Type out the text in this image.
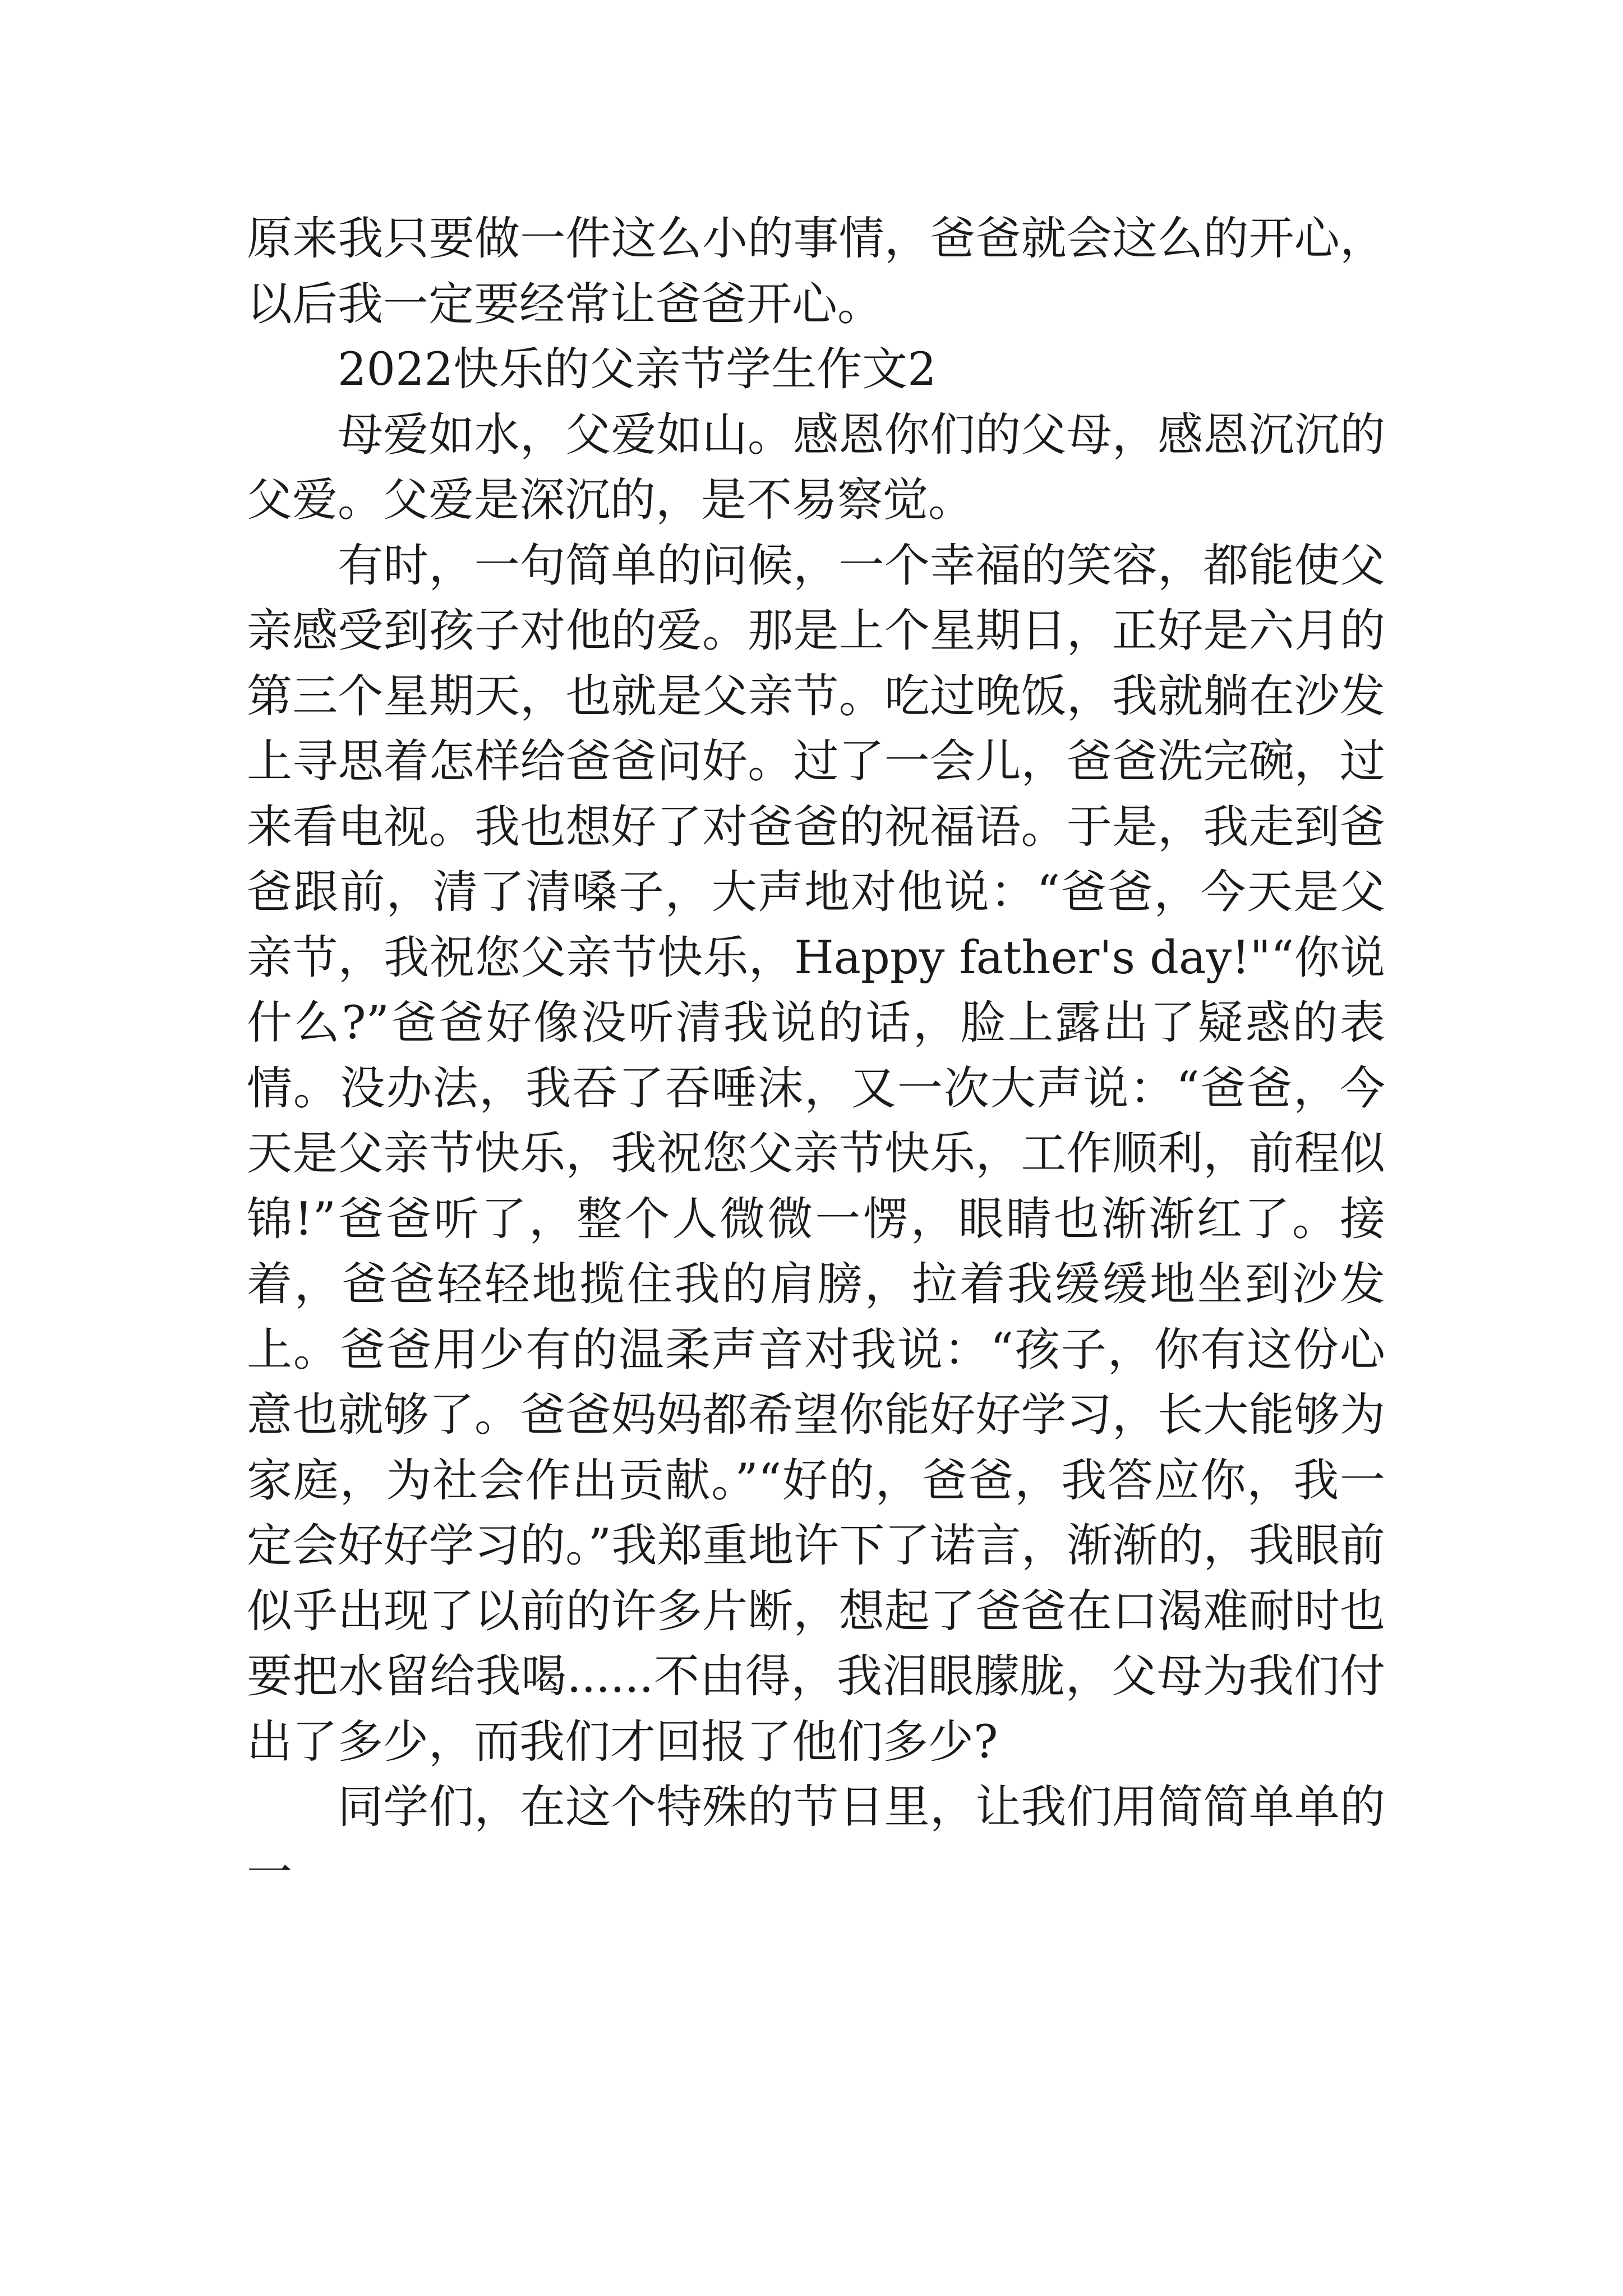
原来我只要做一件这么小的事情，爸爸就会这么的开心，以后我一定要经常让爸爸开心。

2022快乐的父亲节学生作文2

母爱如水，父爱如山。感恩你们的父母，感恩沉沉的父爱。父爱是深沉的，是不易察觉。

有时，一句简单的问候，一个幸福的笑容，都能使父亲感受到孩子对他的爱。那是上个星期日，正好是六月的第三个星期天，也就是父亲节。吃过晚饭，我就躺在沙发上寻思着怎样给爸爸问好。过了一会儿，爸爸洗完碗，过来看电视。我也想好了对爸爸的祝福语。于是，我走到爸爸跟前，清了清嗓子，大声地对他说：“爸爸，今天是父亲节，我祝您父亲节快乐，Happy father's day!"“你说什么?”爸爸好像没听清我说的话，脸上露出了疑惑的表情。没办法，我吞了吞唾沫，又一次大声说：“爸爸，今天是父亲节快乐，我祝您父亲节快乐，工作顺利，前程似锦!”爸爸听了，整个人微微一愣，眼睛也渐渐红了。接着，爸爸轻轻地揽住我的肩膀，拉着我缓缓地坐到沙发上。爸爸用少有的温柔声音对我说：“孩子，你有这份心意也就够了。爸爸妈妈都希望你能好好学习，长大能够为家庭，为社会作出贡献。”“好的，爸爸，我答应你，我一定会好好学习的。”我郑重地许下了诺言，渐渐的，我眼前似乎出现了以前的许多片断，想起了爸爸在口渴难耐时也要把水留给我喝......不由得，我泪眼朦胧，父母为我们付出了多少，而我们才回报了他们多少?

同学们，在这个特殊的节日里，让我们用简简单单的一
